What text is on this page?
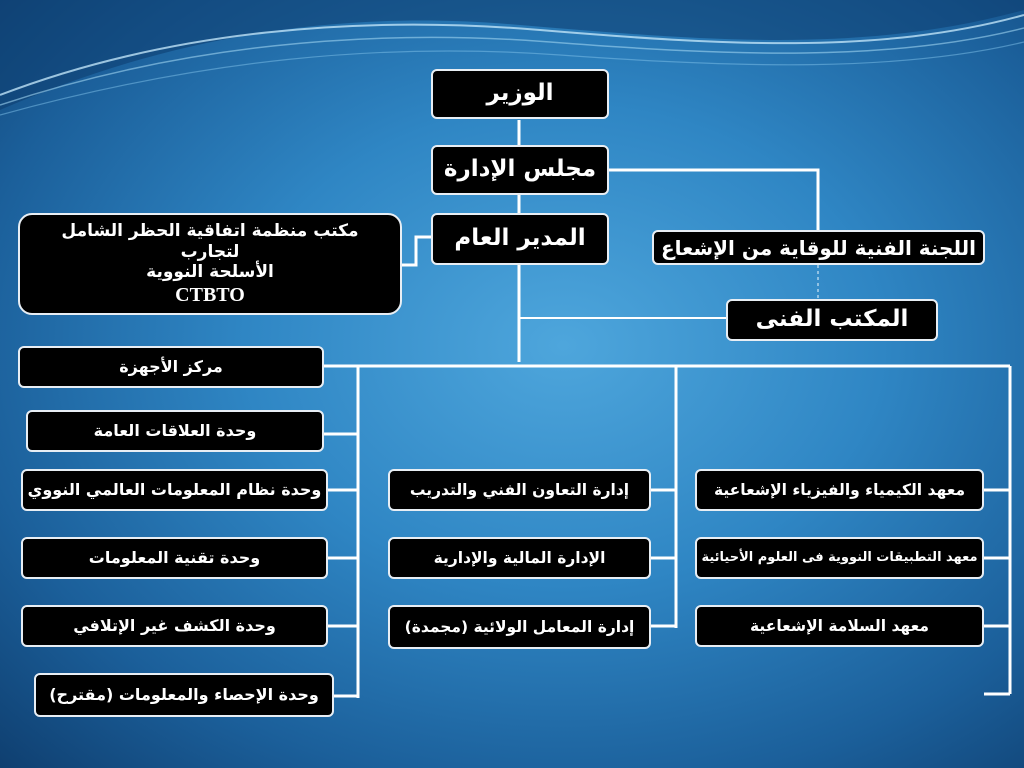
الوزير
مجلس الإدارة
المدير العام	اللجنة الفنية للوقاية من الإشعاع
المكتب الفنى
مكتب منظمة اتفاقية الحظر الشامل لتجارب
الأسلحة النووية
CTBTO
مركز الأجهزة
وحدة العلاقات العامة
وحدة نظام المعلومات العالمي النووي
وحدة تقنية المعلومات
وحدة الكشف غير الإتلافي
وحدة الإحصاء والمعلومات (مقترح)
إدارة التعاون الفني والتدريب
الإدارة المالية والإدارية
إدارة المعامل الولائية (مجمدة)
معهد الكيمياء والفيزياء الإشعاعية
معهد التطبيقات النووية فى العلوم الأحيائية
معهد السلامة الإشعاعية
